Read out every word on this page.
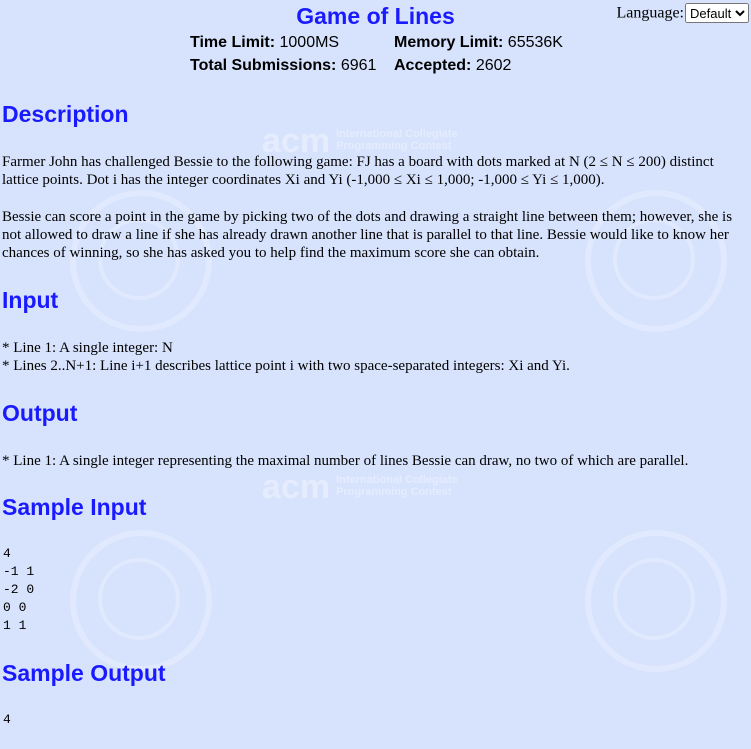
acm International Collegiate
Programming Contest
acm International Collegiate
Programming Contest
Language:
Default
Game of Lines
Time Limit: 1000MS	Memory Limit: 65536K
Total Submissions: 6961 Accepted: 2602
Description
Farmer John has challenged Bessie to the following game: FJ has a board with dots marked at N (2 ≤ N ≤ 200) distinct lattice points. Dot i has the integer coordinates Xi and Yi (-1,000 ≤ Xi ≤ 1,000; -1,000 ≤ Yi ≤ 1,000).
Bessie can score a point in the game by picking two of the dots and drawing a straight line between them; however, she is not allowed to draw a line if she has already drawn another line that is parallel to that line. Bessie would like to know her chances of winning, so she has asked you to help find the maximum score she can obtain.
Input
* Line 1: A single integer: N
* Lines 2..N+1: Line i+1 describes lattice point i with two space-separated integers: Xi and Yi.
Output
* Line 1: A single integer representing the maximal number of lines Bessie can draw, no two of which are parallel.
Sample Input
4
-1 1
-2 0
0 0
1 1
Sample Output
4
